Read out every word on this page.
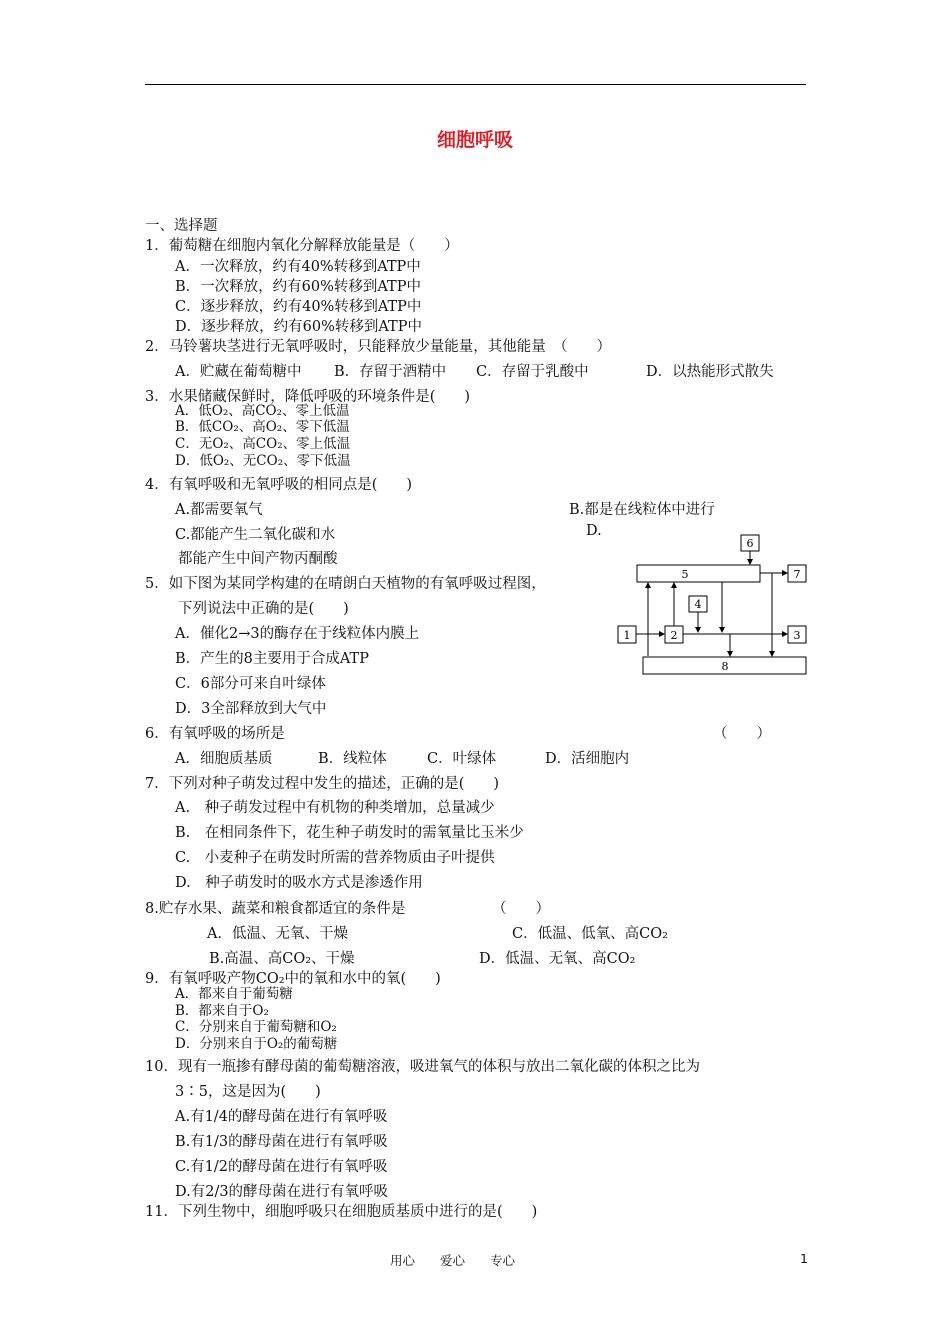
细胞呼吸
一、选择题
1．葡萄糖在细胞内氧化分解释放能量是（　　）
A．一次释放，约有40%转移到ATP中
B．一次释放，约有60%转移到ATP中
C．逐步释放，约有40%转移到ATP中
D．逐步释放，约有60%转移到ATP中
2．马铃薯块茎进行无氧呼吸时，只能释放少量能量，其他能量　（　　）
A．贮藏在葡萄糖中 B．存留于酒精中 C．存留于乳酸中	D．以热能形式散失
3．水果储藏保鲜时，降低呼吸的环境条件是(　　)
A．低O₂、高CO₂、零上低温
B．低CO₂、高O₂、零下低温
C．无O₂、高CO₂、零上低温
D．低O₂、无CO₂、零下低温
4．有氧呼吸和无氧呼吸的相同点是(　　)
A.都需要氧气	B.都是在线粒体中进行
C.都能产生二氧化碳和水	D.
都能产生中间产物丙酮酸
5．如下图为某同学构建的在晴朗白天植物的有氧呼吸过程图，
下列说法中正确的是(　　)
A．催化2→3的酶存在于线粒体内膜上
B．产生的8主要用于合成ATP
C．6部分可来自叶绿体
D．3全部释放到大气中
6
5	7
4
1	2	3
8
6．有氧呼吸的场所是	（　　）
A．细胞质基质	B．线粒体	C．叶绿体	D．活细胞内
7．下列对种子萌发过程中发生的描述，正确的是(　　)
A.　种子萌发过程中有机物的种类增加，总量减少
B.　在相同条件下，花生种子萌发时的需氧量比玉米少
C.　小麦种子在萌发时所需的营养物质由子叶提供
D.　种子萌发时的吸水方式是渗透作用
8.贮存水果、蔬菜和粮食都适宜的条件是	（　　）
A．低温、无氧、干燥	C．低温、低氧、高CO₂
B.高温、高CO₂、干燥	D．低温、无氧、高CO₂
9．有氧呼吸产物CO₂中的氧和水中的氧(　　)
A．都来自于葡萄糖
B．都来自于O₂
C．分别来自于葡萄糖和O₂
D．分别来自于O₂的葡萄糖
10．现有一瓶掺有酵母菌的葡萄糖溶液，吸进氧气的体积与放出二氧化碳的体积之比为
3∶5，这是因为(　　)
A.有1/4的酵母菌在进行有氧呼吸
B.有1/3的酵母菌在进行有氧呼吸
C.有1/2的酵母菌在进行有氧呼吸
D.有2/3的酵母菌在进行有氧呼吸
11．下列生物中，细胞呼吸只在细胞质基质中进行的是(　　)
用心　　爱心　　专心	1
